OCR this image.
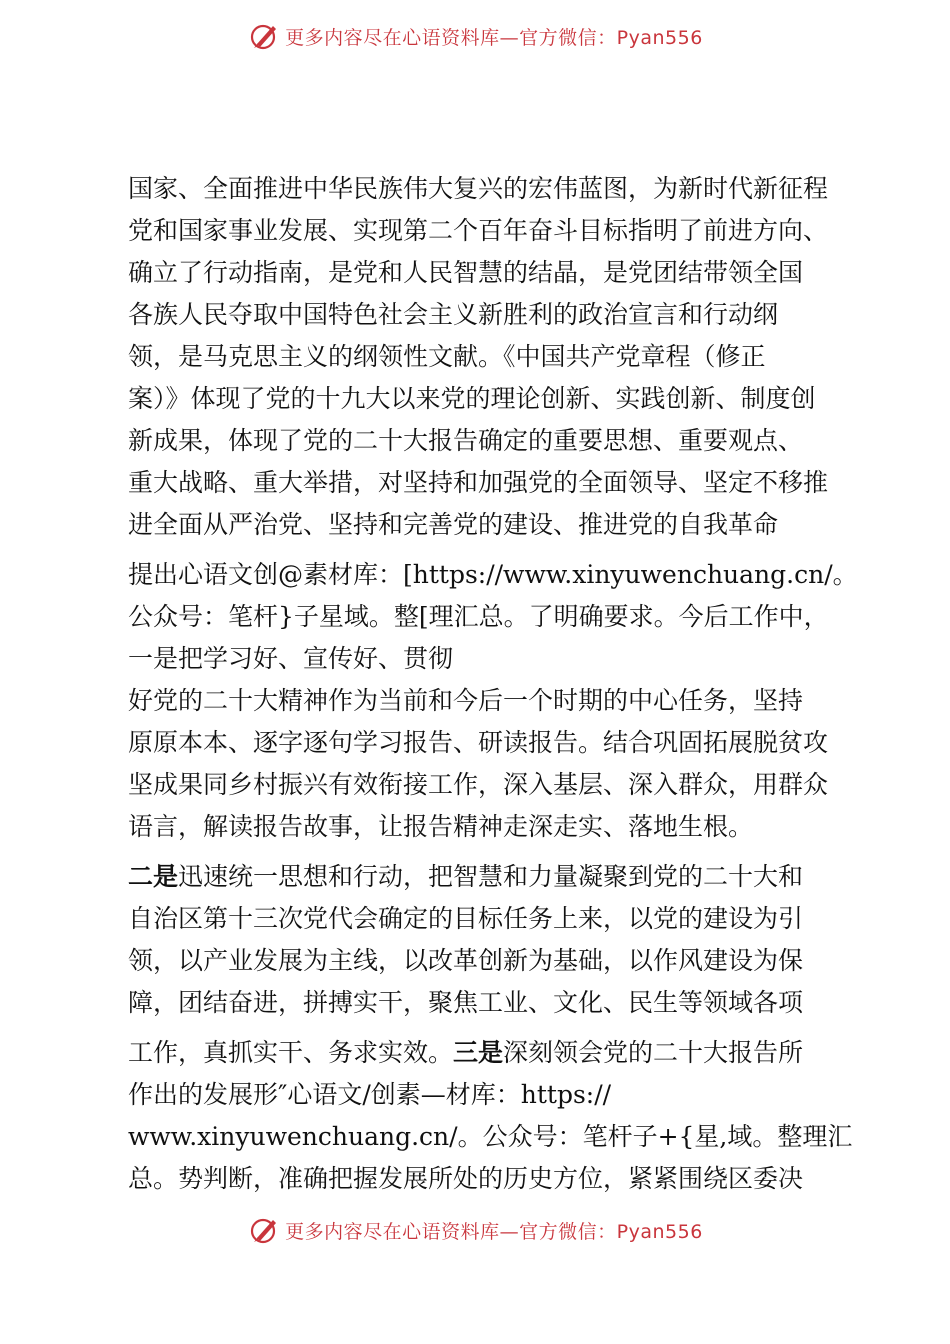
更多内容尽在心语资料库—官方微信：Pyan556
国家、全面推进中华民族伟大复兴的宏伟蓝图，为新时代新征程
党和国家事业发展、实现第二个百年奋斗目标指明了前进方向、
确立了行动指南，是党和人民智慧的结晶，是党团结带领全国
各族人民夺取中国特色社会主义新胜利的政治宣言和行动纲
领，是马克思主义的纲领性文献。《中国共产党章程（修正
案）》体现了党的十九大以来党的理论创新、实践创新、制度创
新成果，体现了党的二十大报告确定的重要思想、重要观点、
重大战略、重大举措，对坚持和加强党的全面领导、坚定不移推
进全面从严治党、坚持和完善党的建设、推进党的自我革命
提出心语文创@素材库：[https://www.xinyuwenchuang.cn/。
公众号：笔杆}子星域。整[理汇总。了明确要求。今后工作中，
一是把学习好、宣传好、贯彻
好党的二十大精神作为当前和今后一个时期的中心任务，坚持
原原本本、逐字逐句学习报告、研读报告。结合巩固拓展脱贫攻
坚成果同乡村振兴有效衔接工作，深入基层、深入群众，用群众
语言，解读报告故事，让报告精神走深走实、落地生根。
二是迅速统一思想和行动，把智慧和力量凝聚到党的二十大和
自治区第十三次党代会确定的目标任务上来，以党的建设为引
领，以产业发展为主线，以改革创新为基础，以作风建设为保
障，团结奋进，拼搏实干，聚焦工业、文化、民生等领域各项
工作，真抓实干、务求实效。三是深刻领会党的二十大报告所
作出的发展形″心语文/创素—材库：https://
www.xinyuwenchuang.cn/。公众号：笔杆子+{星,域。整理汇
总。势判断，准确把握发展所处的历史方位，紧紧围绕区委决
更多内容尽在心语资料库—官方微信：Pyan556
